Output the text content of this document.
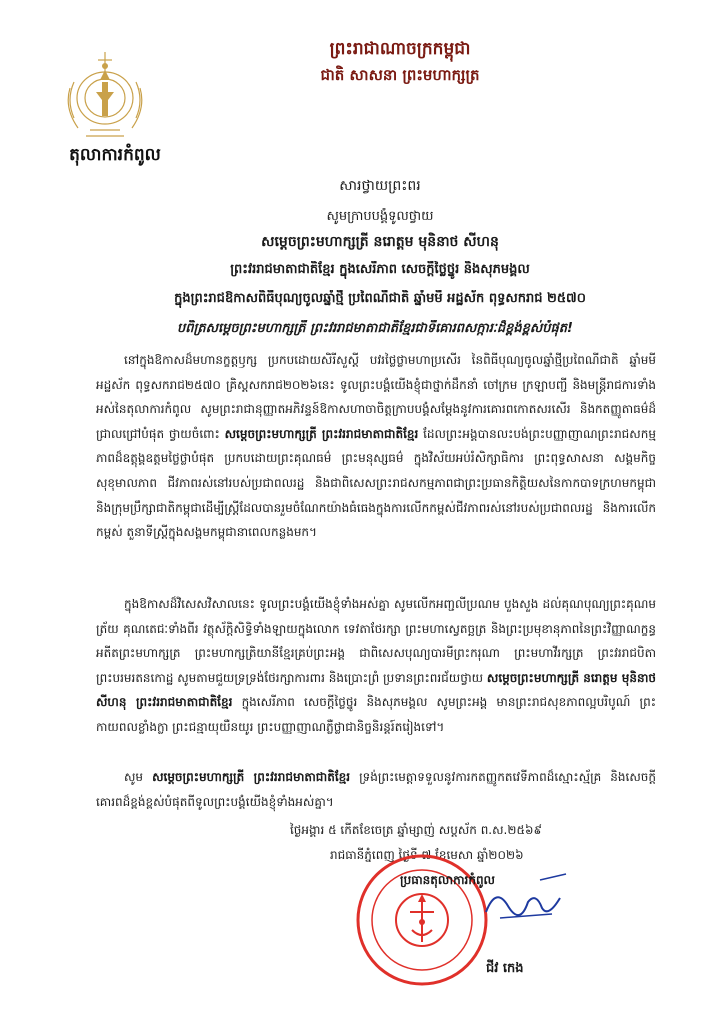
ព្រះរាជាណាចក្រកម្ពុជា
ជាតិ សាសនា ព្រះមហាក្សត្រ
តុលាការកំពូល
សារថ្វាយព្រះពរ
សូមក្រាបបង្គំទូលថ្វាយ
សម្តេចព្រះមហាក្សត្រី នរោត្តម មុនិនាថ សីហនុ
ព្រះវររាជមាតាជាតិខ្មែរ ក្នុងសេរីភាព សេចក្តីថ្លៃថ្នូរ និងសុភមង្គល
ក្នុងព្រះរាជឱកាសពិធីបុណ្យចូលឆ្នាំថ្មី ប្រពៃណីជាតិ ឆ្នាំមមី អដ្ឋស័ក ពុទ្ធសករាជ ២៥៧០
បពិត្រសម្តេចព្រះមហាក្សត្រី ព្រះវររាជមាតាជាតិខ្មែរជាទីគោរពសក្ការៈដ៏ខ្ពង់ខ្ពស់បំផុត!
នៅក្នុងឱកាសដ៏មហានក្ខត្តឫក្ស ប្រកបដោយសិរីសួស្តី បវរថ្លៃថ្លាមហាប្រសើរ នៃពិធីបុណ្យចូលឆ្នាំថ្មីប្រពៃណីជាតិ ឆ្នាំមមី អដ្ឋស័ក ពុទ្ធសករាជ២៥៧០ គ្រិស្តសករាជ២០២៦នេះ ទូលព្រះបង្គំយើងខ្ញុំជាថ្នាក់ដឹកនាំ ចៅក្រម ក្រឡាបញ្ជី និងមន្ត្រីរាជការទាំងអស់នៃតុលាការកំពូល សូមព្រះរាជានុញ្ញាតអភិវន្ទន៍ឱកាសហាចាចិត្តក្រាបបង្គំសម្តែងនូវការគោរពកោតសរសើរ និងកតញ្ញូតាធម៌ដ៏ជ្រាលជ្រៅបំផុត ថ្វាយចំពោះ សម្តេចព្រះមហាក្សត្រី ព្រះវររាជមាតាជាតិខ្មែរ ដែលព្រះអង្គបានលះបង់ព្រះបញ្ញាញាណព្រះរាជសកម្មភាពដ៏ឧត្តុង្គឧត្តមថ្លៃថ្លាបំផុត ប្រកបដោយព្រះគុណធម៌ ព្រះមនុស្សធម៌ ក្នុងវិស័យអប់រំសិក្សាធិការ ព្រះពុទ្ធសាសនា សង្គមកិច្ច សុខុមាលភាព ជីវភាពរស់នៅរបស់ប្រជាពលរដ្ឋ និងជាពិសេសព្រះរាជសកម្មភាពជាព្រះប្រធានកិត្តិយសនៃកាកបាទក្រហមកម្ពុជា និងក្រុមប្រឹក្សាជាតិកម្ពុជាដើម្បីស្ត្រីដែលបានរួមចំណែកយ៉ាងធំធេងក្នុងការលើកកម្ពស់ជីវភាពរស់នៅរបស់ប្រជាពលរដ្ឋ និងការលើកកម្ពស់ តួនាទីស្ត្រីក្នុងសង្គមកម្ពុជានាពេលកន្លងមក។
ក្នុងឱកាសដ៏វិសេសវិសាលនេះ ទូលព្រះបង្គំយើងខ្ញុំទាំងអស់គ្នា សូមលើកអញ្ជលីប្រណម បួងសួង ដល់គុណបុណ្យព្រះគុណមត្រ័យ គុណតេជៈទាំងពីរ វត្ថុស័ក្តិសិទ្ធិទាំងឡាយក្នុងលោក ទេវតាថែរក្សា ព្រះមហាស្វេតច្ឆត្រ និងព្រះប្រមុខានុភាពនៃព្រះវិញ្ញាណក្ខន្ធអតីតព្រះមហាក្សត្រ ព្រះមហាក្សត្រិយានីខ្មែរគ្រប់ព្រះអង្គ ជាពិសេសបុណ្យបារមីព្រះករុណា ព្រះមហាវីរក្សត្រ ព្រះវររាជបិតា ព្រះបរមរតនកោដ្ឋ សូមតាមជួយទ្រទ្រង់ថែរក្សាការពារ និងប្រោះព្រំ ប្រទានព្រះពរជ័យថ្វាយ សម្តេចព្រះមហាក្សត្រី នរោត្តម មុនិនាថ សីហនុ ព្រះវររាជមាតាជាតិខ្មែរ ក្នុងសេរីភាព សេចក្តីថ្លៃថ្នូរ និងសុភមង្គល សូមព្រះអង្គ មានព្រះរាជសុខភាពល្អបរិបូណ៍ ព្រះកាយពលខ្លាំងក្លា ព្រះជន្មាយុយឺនយូរ ព្រះបញ្ញាញាណភ្លឺថ្លាជានិច្ចនិរន្តរ៍តរៀងទៅ។
សូម សម្តេចព្រះមហាក្សត្រី ព្រះវររាជមាតាជាតិខ្មែរ ទ្រង់ព្រះមេត្តាទទួលនូវការកតញ្ញូកតវេទីភាពដ៏ស្មោះស្ម័គ្រ និងសេចក្តីគោរពដ៏ខ្ពង់ខ្ពស់បំផុតពីទូលព្រះបង្គំយើងខ្ញុំទាំងអស់គ្នា។
ថ្ងៃអង្គារ ៥ កើតខែចេត្រ ឆ្នាំម្សាញ់ សប្តស័ក ព.ស.២៥៦៩
រាជធានីភ្នំពេញ ថ្ងៃទី ៧ ខែមេសា ឆ្នាំ២០២៦
ប្រធានតុលាការកំពូល
ជីវ កេង
